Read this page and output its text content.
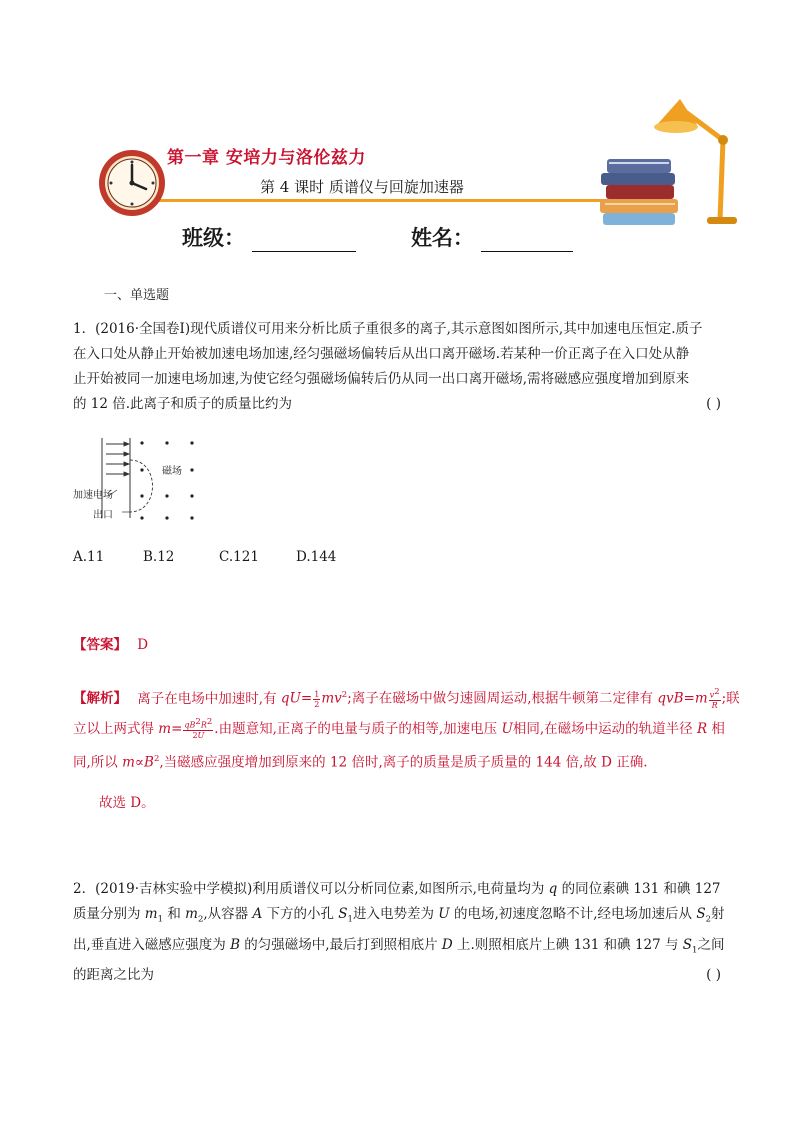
第一章 安培力与洛伦兹力
第 4 课时 质谱仪与回旋加速器
班级：	姓名：
一、单选题
1．(2016·全国卷Ⅰ)现代质谱仪可用来分析比质子重很多的离子,其示意图如图所示,其中加速电压恒定.质子
在入口处从静止开始被加速电场加速,经匀强磁场偏转后从出口离开磁场.若某种一价正离子在入口处从静
止开始被同一加速电场加速,为使它经匀强磁场偏转后仍从同一出口离开磁场,需将磁感应强度增加到原来
的 12 倍.此离子和质子的质量比约为	( )
磁场
加速电场
出口
A.11	B.12	C.121	D.144
【答案】 D
【解析】 离子在电场中加速时,有 $qU= \frac{1}{2} mv^2$;离子在磁场中做匀速圆周运动,根据牛顿第二定律有 $qvB=m \frac{v^2}{R}$ ;联
立以上两式得 $m= \frac{qB^2R^2}{2U}$ .由题意知,正离子的电量与质子的相等,加速电压 U相同,在磁场中运动的轨道半径 R 相
同,所以 $m\propto B^2$,当磁感应强度增加到原来的 12 倍时,离子的质量是质子质量的 144 倍,故 D 正确.
故选 D。
2．(2019·吉林实验中学模拟)利用质谱仪可以分析同位素,如图所示,电荷量均为 q 的同位素碘 131 和碘 127
质量分别为 $m_1$ 和 $m_2$,从容器 A 下方的小孔 $S_1$进入电势差为 U 的电场,初速度忽略不计,经电场加速后从 $S_2$射
出,垂直进入磁感应强度为 B 的匀强磁场中,最后打到照相底片 D 上.则照相底片上碘 131 和碘 127 与 $S_1$之间
的距离之比为	( )
